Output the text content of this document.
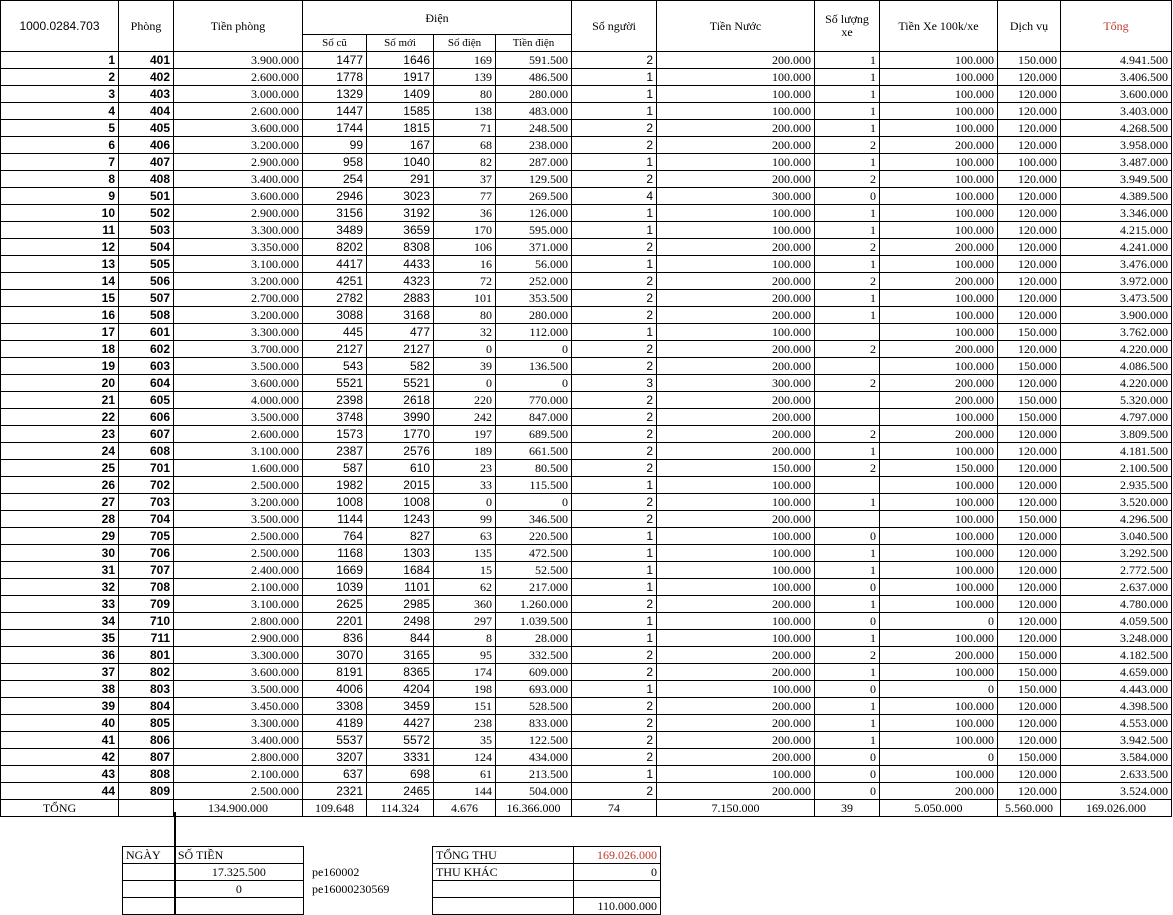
1000.0284.703	Phòng	Tiền phòng	Điện				Số người	Tiền Nước	Số lượng xe	Tiền Xe 100k/xe	Dịch vụ	Tổng
			Số cũ	Số mới	Số điện	Tiền điện						
1	401	3.900.000	1477	1646	169	591.500	2	200.000	1	100.000	150.000	4.941.500
2	402	2.600.000	1778	1917	139	486.500	1	100.000	1	100.000	120.000	3.406.500
3	403	3.000.000	1329	1409	80	280.000	1	100.000	1	100.000	120.000	3.600.000
4	404	2.600.000	1447	1585	138	483.000	1	100.000	1	100.000	120.000	3.403.000
5	405	3.600.000	1744	1815	71	248.500	2	200.000	1	100.000	120.000	4.268.500
6	406	3.200.000	99	167	68	238.000	2	200.000	2	200.000	120.000	3.958.000
7	407	2.900.000	958	1040	82	287.000	1	100.000	1	100.000	100.000	3.487.000
8	408	3.400.000	254	291	37	129.500	2	200.000	2	100.000	120.000	3.949.500
9	501	3.600.000	2946	3023	77	269.500	4	300.000	0	100.000	120.000	4.389.500
10	502	2.900.000	3156	3192	36	126.000	1	100.000	1	100.000	120.000	3.346.000
11	503	3.300.000	3489	3659	170	595.000	1	100.000	1	100.000	120.000	4.215.000
12	504	3.350.000	8202	8308	106	371.000	2	200.000	2	200.000	120.000	4.241.000
13	505	3.100.000	4417	4433	16	56.000	1	100.000	1	100.000	120.000	3.476.000
14	506	3.200.000	4251	4323	72	252.000	2	200.000	2	200.000	120.000	3.972.000
15	507	2.700.000	2782	2883	101	353.500	2	200.000	1	100.000	120.000	3.473.500
16	508	3.200.000	3088	3168	80	280.000	2	200.000	1	100.000	120.000	3.900.000
17	601	3.300.000	445	477	32	112.000	1	100.000		100.000	150.000	3.762.000
18	602	3.700.000	2127	2127	0	0	2	200.000	2	200.000	120.000	4.220.000
19	603	3.500.000	543	582	39	136.500	2	200.000		100.000	150.000	4.086.500
20	604	3.600.000	5521	5521	0	0	3	300.000	2	200.000	120.000	4.220.000
21	605	4.000.000	2398	2618	220	770.000	2	200.000		200.000	150.000	5.320.000
22	606	3.500.000	3748	3990	242	847.000	2	200.000		100.000	150.000	4.797.000
23	607	2.600.000	1573	1770	197	689.500	2	200.000	2	200.000	120.000	3.809.500
24	608	3.100.000	2387	2576	189	661.500	2	200.000	1	100.000	120.000	4.181.500
25	701	1.600.000	587	610	23	80.500	2	150.000	2	150.000	120.000	2.100.500
26	702	2.500.000	1982	2015	33	115.500	1	100.000		100.000	120.000	2.935.500
27	703	3.200.000	1008	1008	0	0	2	100.000	1	100.000	120.000	3.520.000
28	704	3.500.000	1144	1243	99	346.500	2	200.000		100.000	150.000	4.296.500
29	705	2.500.000	764	827	63	220.500	1	100.000	0	100.000	120.000	3.040.500
30	706	2.500.000	1168	1303	135	472.500	1	100.000	1	100.000	120.000	3.292.500
31	707	2.400.000	1669	1684	15	52.500	1	100.000	1	100.000	120.000	2.772.500
32	708	2.100.000	1039	1101	62	217.000	1	100.000	0	100.000	120.000	2.637.000
33	709	3.100.000	2625	2985	360	1.260.000	2	200.000	1	100.000	120.000	4.780.000
34	710	2.800.000	2201	2498	297	1.039.500	1	100.000	0	0	120.000	4.059.500
35	711	2.900.000	836	844	8	28.000	1	100.000	1	100.000	120.000	3.248.000
36	801	3.300.000	3070	3165	95	332.500	2	200.000	2	200.000	150.000	4.182.500
37	802	3.600.000	8191	8365	174	609.000	2	200.000	1	100.000	150.000	4.659.000
38	803	3.500.000	4006	4204	198	693.000	1	100.000	0	0	150.000	4.443.000
39	804	3.450.000	3308	3459	151	528.500	2	200.000	1	100.000	120.000	4.398.500
40	805	3.300.000	4189	4427	238	833.000	2	200.000	1	100.000	120.000	4.553.000
41	806	3.400.000	5537	5572	35	122.500	2	200.000	1	100.000	120.000	3.942.500
42	807	2.800.000	3207	3331	124	434.000	2	200.000	0	0	150.000	3.584.000
43	808	2.100.000	637	698	61	213.500	1	100.000	0	100.000	120.000	2.633.500
44	809	2.500.000	2321	2465	144	504.000	2	200.000	0	200.000	120.000	3.524.000
TỔNG		134.900.000	109.648	114.324	4.676	16.366.000	74	7.150.000	39	5.050.000	5.560.000	169.026.000
NGÀY	SỐ TIỀN
	17.325.500
	0

pe160002
pe16000230569
TỔNG THU	169.026.000
THU KHÁC	0

	110.000.000
